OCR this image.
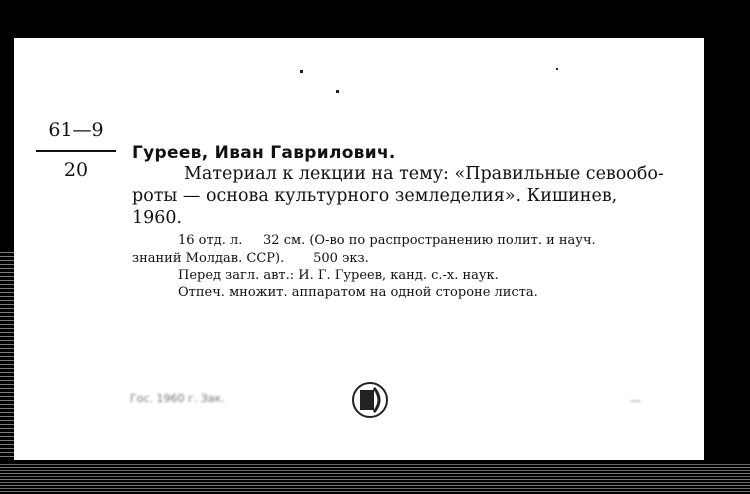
61—9
20
Гуреев, Иван Гаврилович.
Материал к лекции на тему: «Правильные севообо-
роты — основа культурного земледелия». Кишинев,
1960.
16 отд. л.     32 см. (О-во по распространению полит. и науч.
знаний Молдав. ССР).       500 экз.
Перед загл. авт.: И. Г. Гуреев, канд. с.-х. наук.
Отпеч. множит. аппаратом на одной стороне листа.
Гос. 1960 г. Зак.	—
